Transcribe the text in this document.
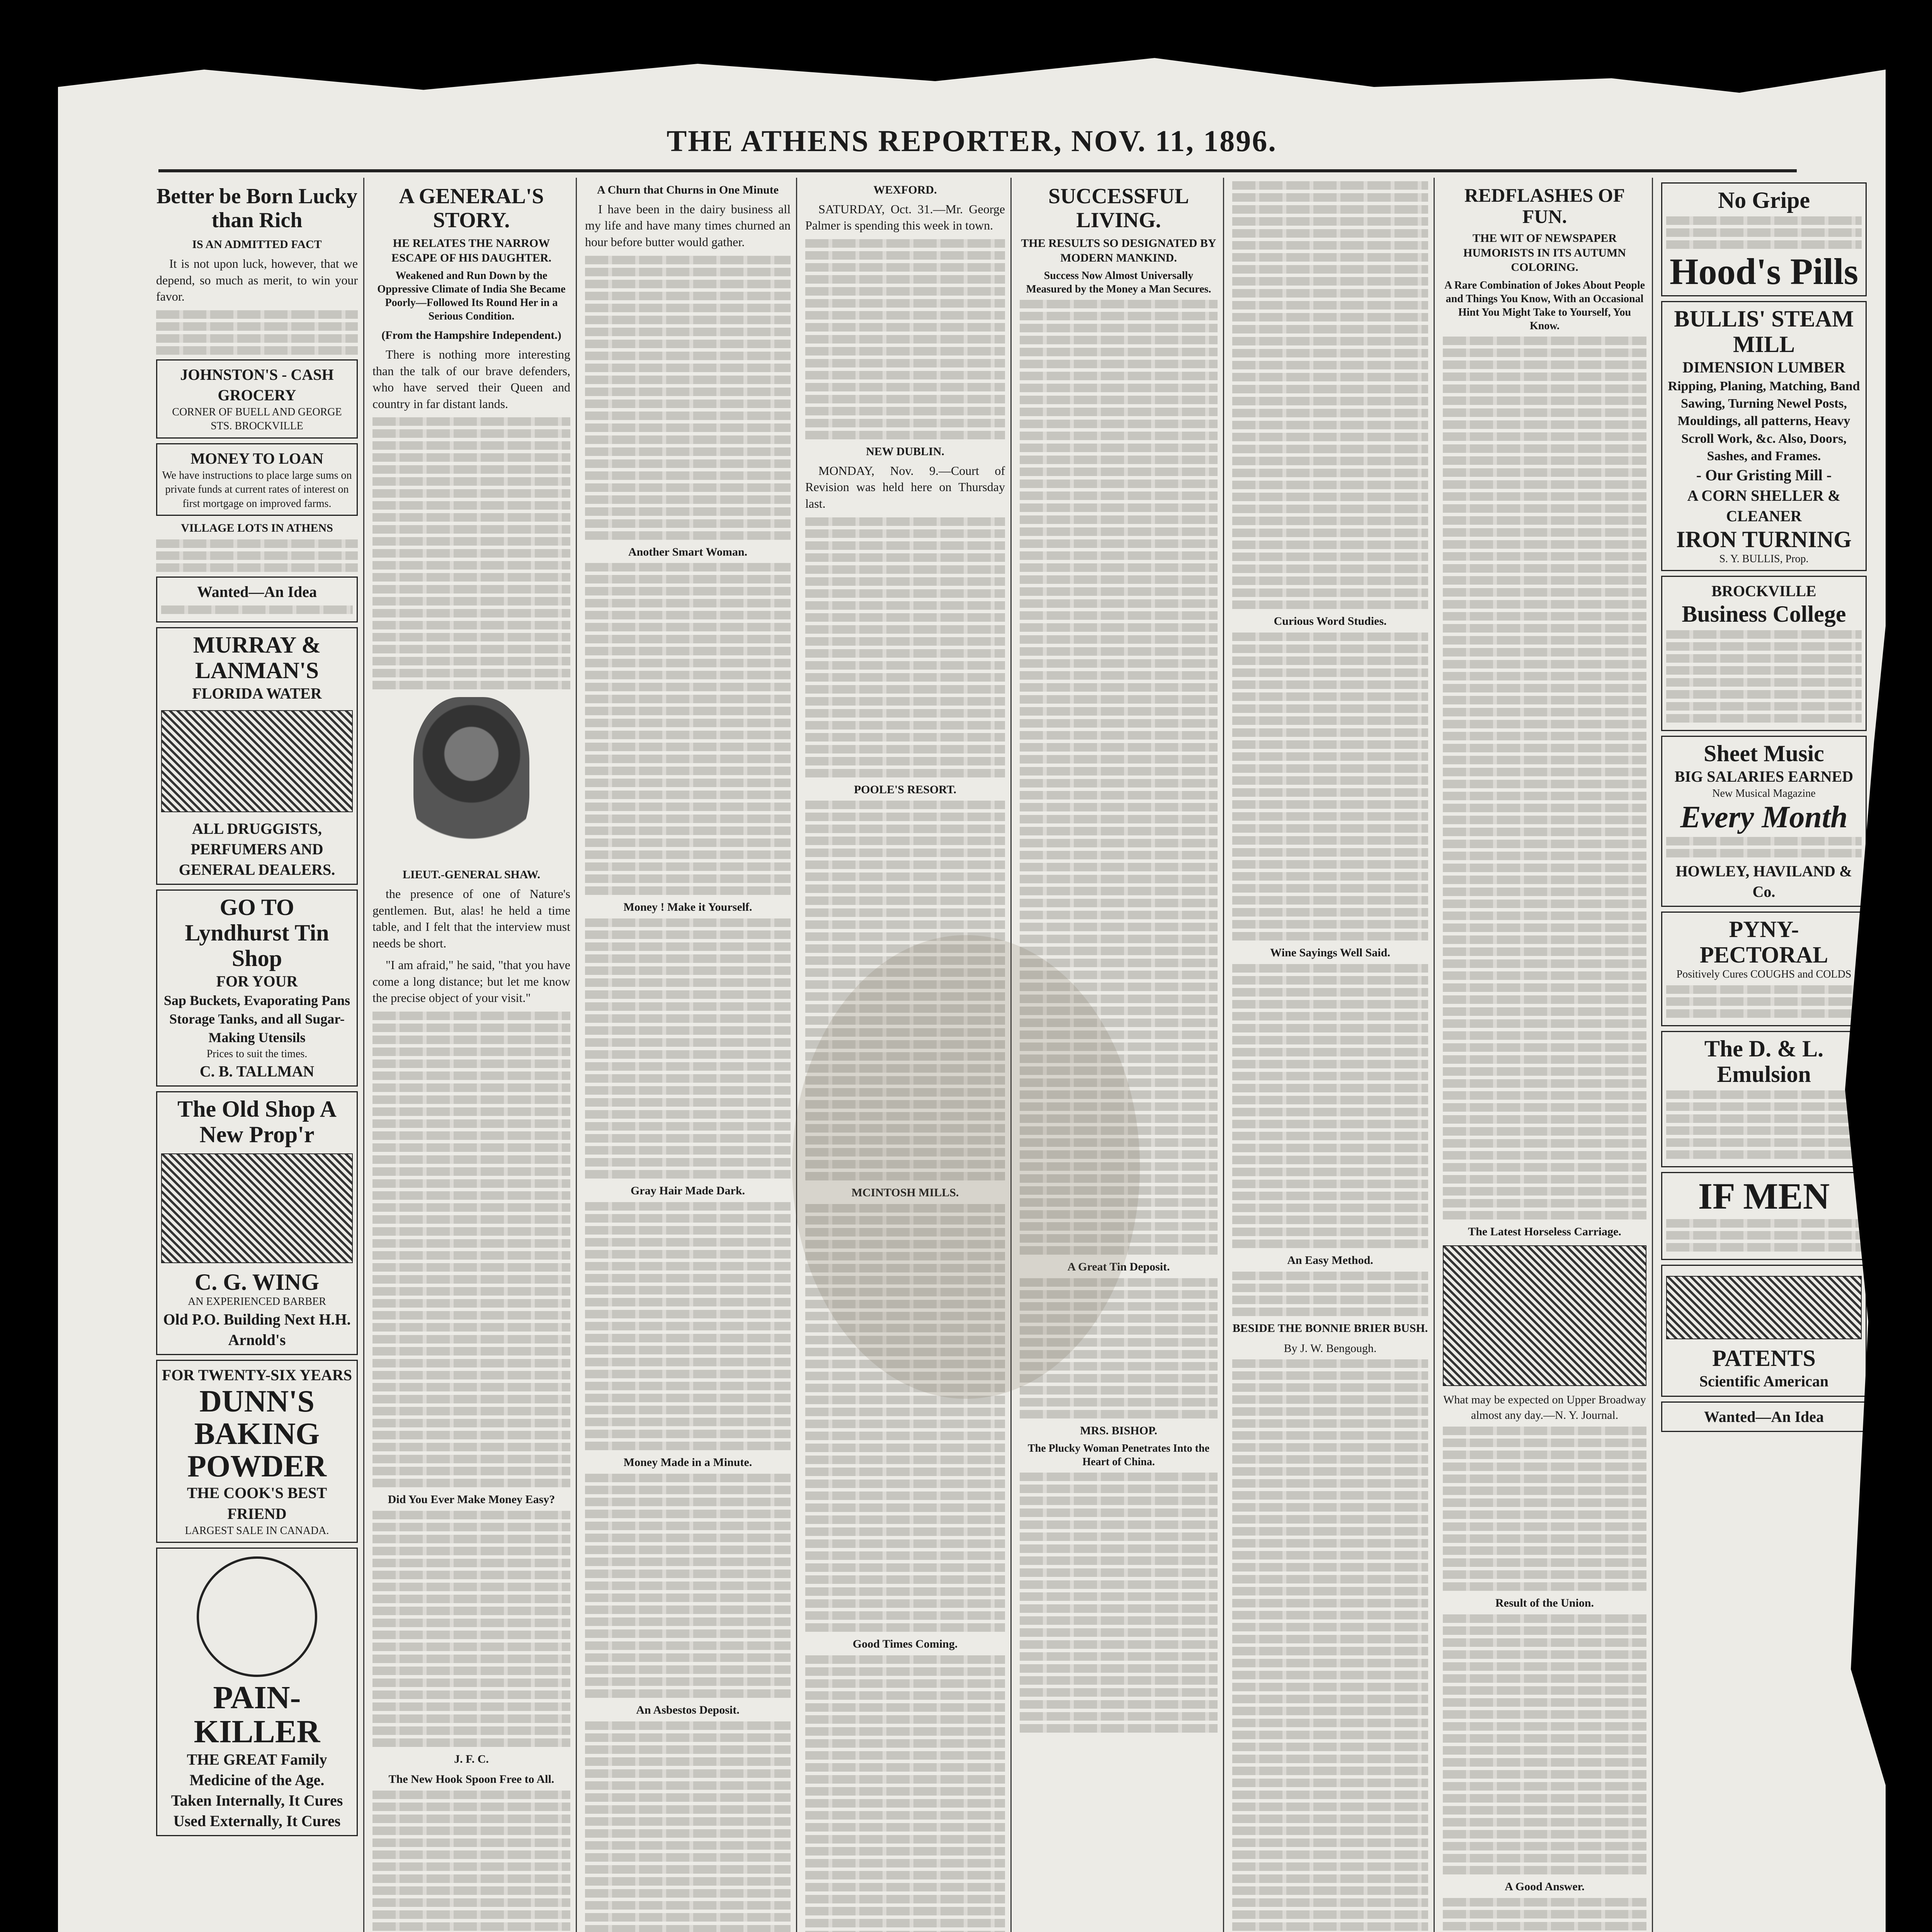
THE ATHENS REPORTER, NOV. 11, 1896.
Better be Born Lucky than Rich
IS AN ADMITTED FACT

It is not upon luck, however, that we depend, so much as merit, to win your favor.

JOHNSTON'S - CASH GROCERY
CORNER OF BUELL AND GEORGE STS. BROCKVILLE
MONEY TO LOAN
We have instructions to place large sums on private funds at current rates of interest on first mortgage on improved farms.
VILLAGE LOTS IN ATHENS
Wanted—An Idea
MURRAY & LANMAN'S
FLORIDA WATER
ALL DRUGGISTS, PERFUMERS AND GENERAL DEALERS.
GO TO
Lyndhurst Tin Shop
FOR YOUR
Sap Buckets, Evaporating Pans Storage Tanks, and all Sugar-Making Utensils
Prices to suit the times.
C. B. TALLMAN
The Old Shop A New Prop'r
C. G. WING
AN EXPERIENCED BARBER
Old P.O. Building Next H.H. Arnold's
FOR TWENTY-SIX YEARS
DUNN'S BAKING POWDER
THE COOK'S BEST FRIEND
LARGEST SALE IN CANADA.
PAIN-KILLER
THE GREAT Family Medicine of the Age.
Taken Internally, It Cures
Used Externally, It Cures
A GENERAL'S STORY.
HE RELATES THE NARROW ESCAPE OF HIS DAUGHTER.
Weakened and Run Down by the Oppressive Climate of India She Became Poorly—Followed Its Round Her in a Serious Condition.
(From the Hampshire Independent.)

There is nothing more interesting than the talk of our brave defenders, who have served their Queen and country in far distant lands.

LIEUT.-GENERAL SHAW.

the presence of one of Nature's gentlemen. But, alas! he held a time table, and I felt that the interview must needs be short.

"I am afraid," he said, "that you have come a long distance; but let me know the precise object of your visit."

Did You Ever Make Money Easy?
J. F. C.
The New Hook Spoon Free to All.
A Churn that Churns in One Minute

I have been in the dairy business all my life and have many times churned an hour before butter would gather.

Another Smart Woman.
Money ! Make it Yourself.
Gray Hair Made Dark.
Money Made in a Minute.
An Asbestos Deposit.
WEXFORD.

SATURDAY, Oct. 31.—Mr. George Palmer is spending this week in town.

NEW DUBLIN.

MONDAY, Nov. 9.—Court of Revision was held here on Thursday last.

POOLE'S RESORT.
MCINTOSH MILLS.
Good Times Coming.
SUCCESSFUL LIVING.
THE RESULTS SO DESIGNATED BY MODERN MANKIND.
Success Now Almost Universally Measured by the Money a Man Secures.
A Great Tin Deposit.
MRS. BISHOP.
The Plucky Woman Penetrates Into the Heart of China.
Curious Word Studies.
Wine Sayings Well Said.
An Easy Method.
BESIDE THE BONNIE BRIER BUSH.
By J. W. Bengough.
REDFLASHES OF FUN.
THE WIT OF NEWSPAPER HUMORISTS IN ITS AUTUMN COLORING.
A Rare Combination of Jokes About People and Things You Know, With an Occasional Hint You Might Take to Yourself, You Know.
The Latest Horseless Carriage.
What may be expected on Upper Broadway almost any day.—N. Y. Journal.
Result of the Union.
A Good Answer.
No Gripe
Hood's Pills
BULLIS' STEAM MILL
DIMENSION LUMBER
Ripping, Planing, Matching, Band Sawing, Turning Newel Posts, Mouldings, all patterns, Heavy Scroll Work, &c. Also, Doors, Sashes, and Frames.
- Our Gristing Mill -
A CORN SHELLER & CLEANER
IRON TURNING
S. Y. BULLIS, Prop.
BROCKVILLE
Business College
Sheet Music
BIG SALARIES EARNED
New Musical Magazine
Every Month
HOWLEY, HAVILAND & Co.
PYNY-PECTORAL
Positively Cures COUGHS and COLDS
The D. & L. Emulsion
IF MEN
PATENTS
Scientific American
Wanted—An Idea
